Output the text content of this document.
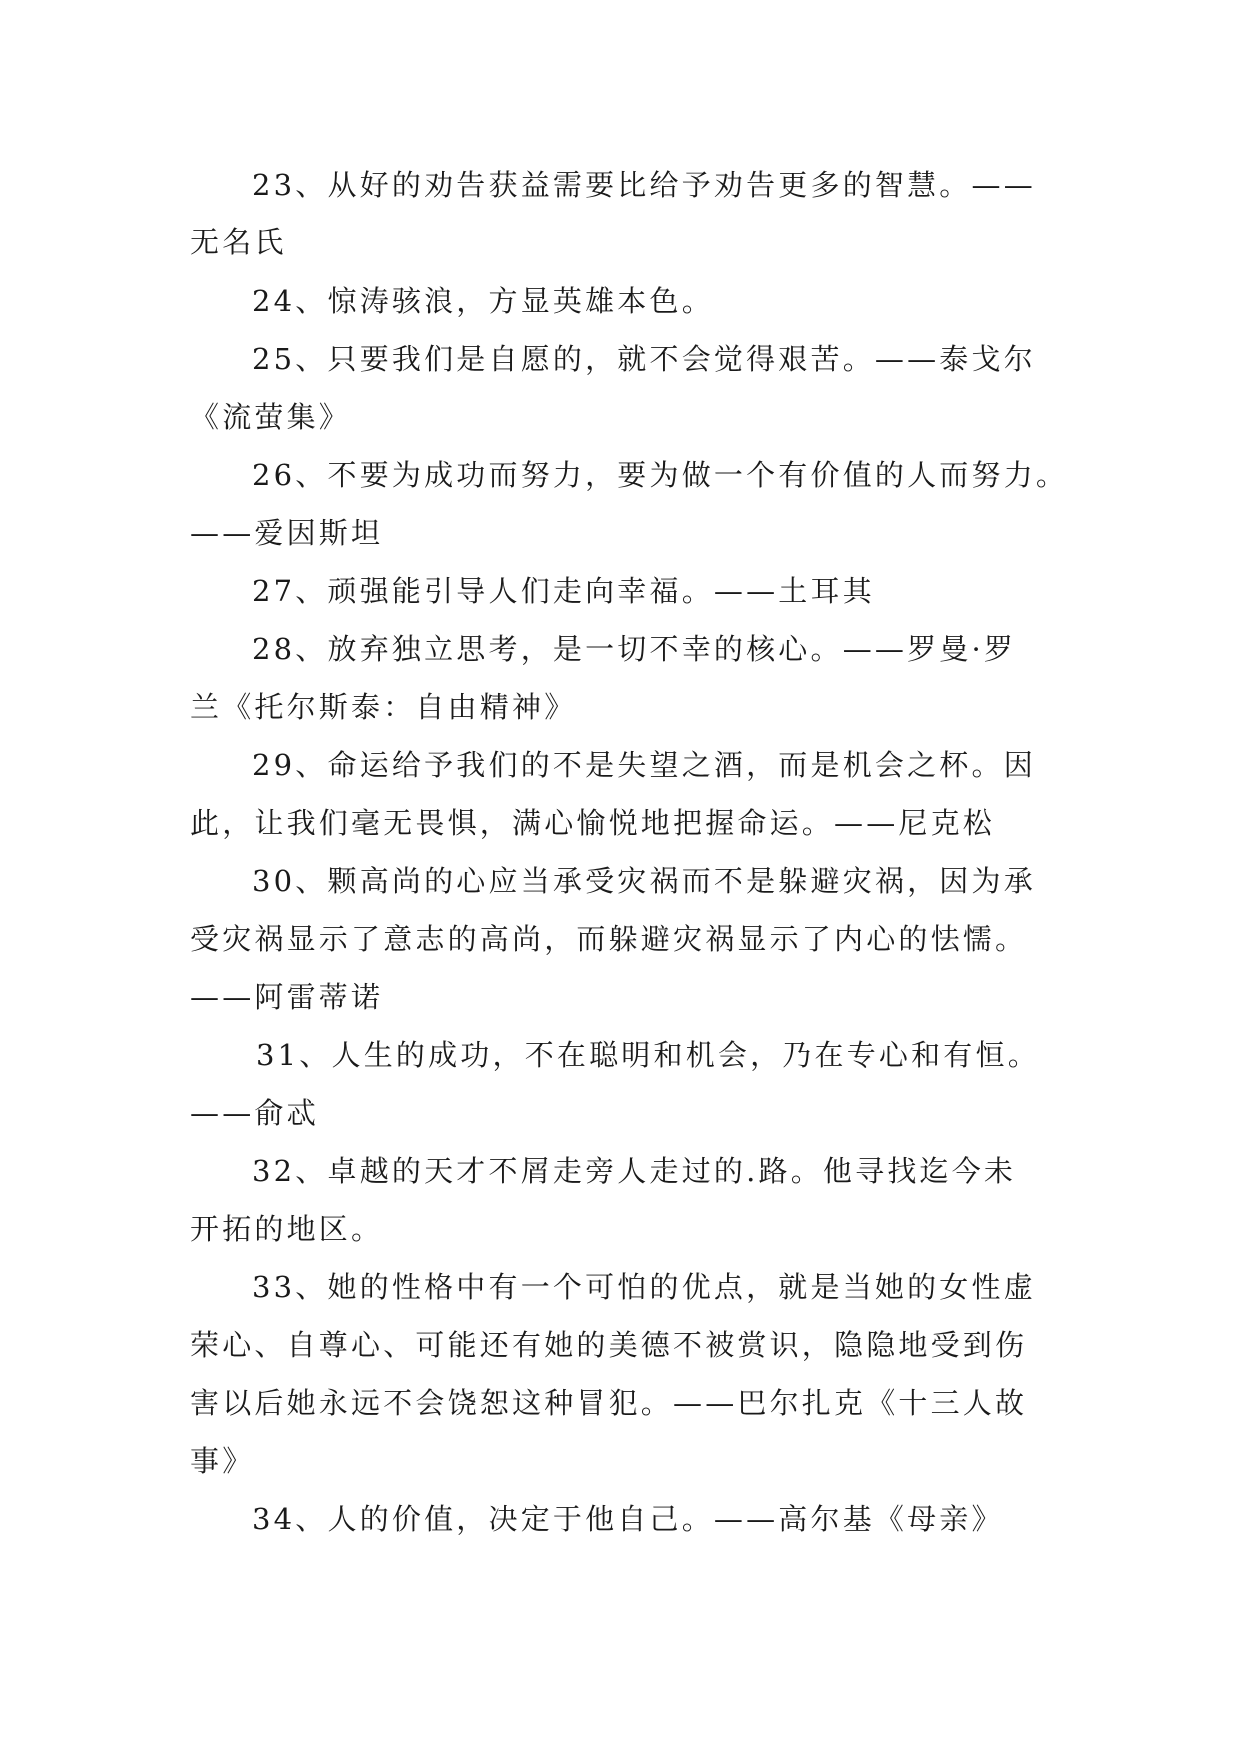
23、从好的劝告获益需要比给予劝告更多的智慧。——

无名氏

24、惊涛骇浪，方显英雄本色。

25、只要我们是自愿的，就不会觉得艰苦。——泰戈尔

《流萤集》

26、不要为成功而努力，要为做一个有价值的人而努力。

——爱因斯坦

27、顽强能引导人们走向幸福。——土耳其

28、放弃独立思考，是一切不幸的核心。——罗曼·罗

兰《托尔斯泰：自由精神》

29、命运给予我们的不是失望之酒，而是机会之杯。因

此，让我们毫无畏惧，满心愉悦地把握命运。——尼克松

30、颗高尚的心应当承受灾祸而不是躲避灾祸，因为承

受灾祸显示了意志的高尚，而躲避灾祸显示了内心的怯懦。

——阿雷蒂诺

31、人生的成功，不在聪明和机会，乃在专心和有恒。

——俞忒

32、卓越的天才不屑走旁人走过的.路。他寻找迄今未

开拓的地区。

33、她的性格中有一个可怕的优点，就是当她的女性虚

荣心、自尊心、可能还有她的美德不被赏识，隐隐地受到伤

害以后她永远不会饶恕这种冒犯。——巴尔扎克《十三人故

事》

34、人的价值，决定于他自己。——高尔基《母亲》
